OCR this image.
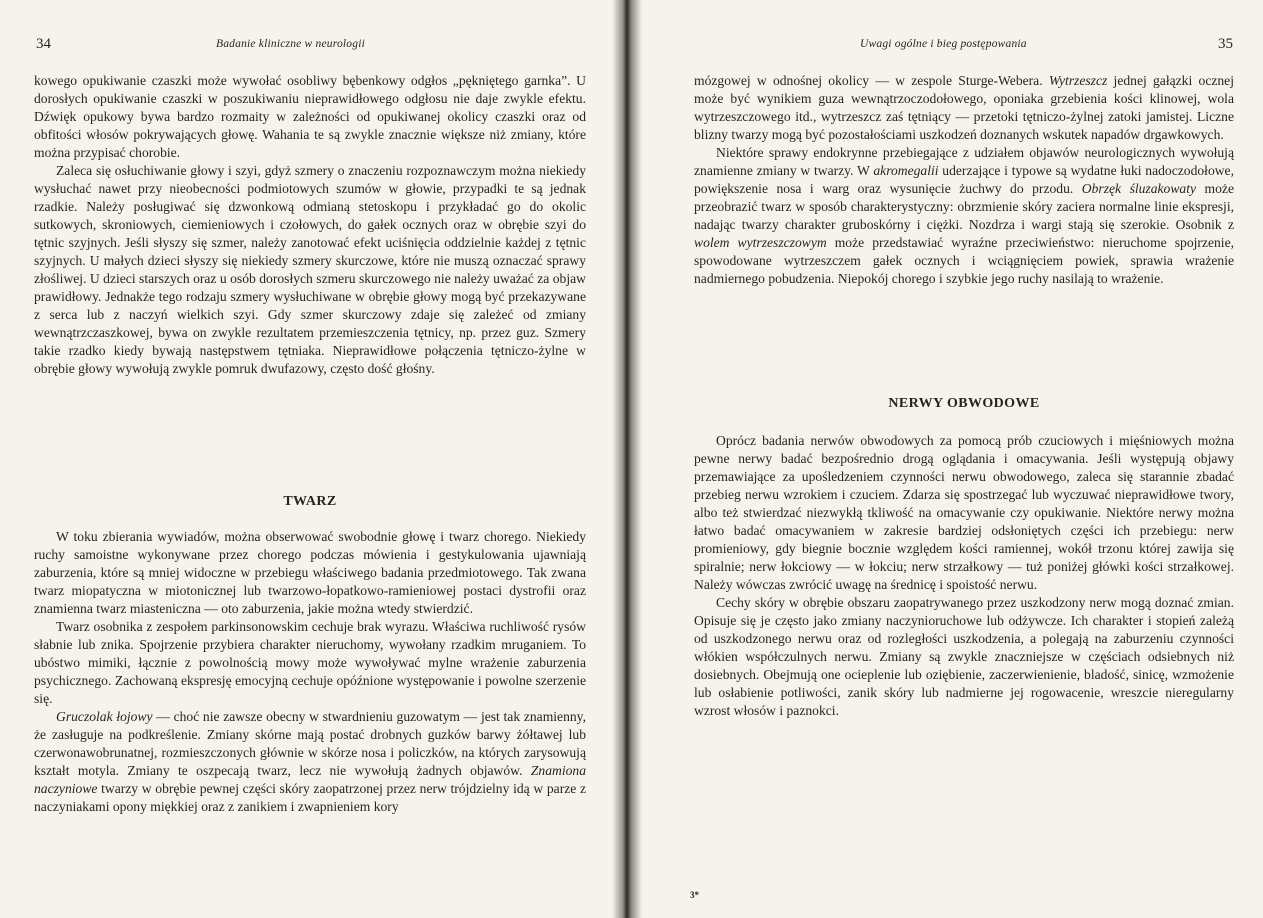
34	Badanie kliniczne w neurologii

kowego opukiwanie czaszki może wywołać osobliwy bębenkowy odgłos „pękniętego garnka”. U dorosłych opukiwanie czaszki w poszukiwaniu nieprawidłowego odgłosu nie daje zwykle efektu. Dźwięk opukowy bywa bardzo rozmaity w zależności od opukiwanej okolicy czaszki oraz od obfitości włosów pokrywających głowę. Wahania te są zwykle znacznie większe niż zmiany, które można przypisać chorobie.

Zaleca się osłuchiwanie głowy i szyi, gdyż szmery o znaczeniu rozpoznawczym można niekiedy wysłuchać nawet przy nieobecności podmiotowych szumów w głowie, przypadki te są jednak rzadkie. Należy posługiwać się dzwonkową odmianą stetoskopu i przykładać go do okolic sutkowych, skroniowych, ciemieniowych i czołowych, do gałek ocznych oraz w obrębie szyi do tętnic szyjnych. Jeśli słyszy się szmer, należy zanotować efekt uciśnięcia oddzielnie każdej z tętnic szyjnych. U małych dzieci słyszy się niekiedy szmery skurczowe, które nie muszą oznaczać sprawy złośliwej. U dzieci starszych oraz u osób dorosłych szmeru skurczowego nie należy uważać za objaw prawidłowy. Jednakże tego rodzaju szmery wysłuchiwane w obrębie głowy mogą być przekazywane z serca lub z naczyń wielkich szyi. Gdy szmer skurczowy zdaje się zależeć od zmiany wewnątrzczaszkowej, bywa on zwykle rezultatem przemieszczenia tętnicy, np. przez guz. Szmery takie rzadko kiedy bywają następstwem tętniaka. Nieprawidłowe połączenia tętniczo-żylne w obrębie głowy wywołują zwykle pomruk dwufazowy, często dość głośny.

TWARZ

W toku zbierania wywiadów, można obserwować swobodnie głowę i twarz chorego. Niekiedy ruchy samoistne wykonywane przez chorego podczas mówienia i gestykulowania ujawniają zaburzenia, które są mniej widoczne w przebiegu właściwego badania przedmiotowego. Tak zwana twarz miopatyczna w miotonicznej lub twarzowo-łopatkowo-ramieniowej postaci dystrofii oraz znamienna twarz miasteniczna — oto zaburzenia, jakie można wtedy stwierdzić.

Twarz osobnika z zespołem parkinsonowskim cechuje brak wyrazu. Właściwa ruchliwość rysów słabnie lub znika. Spojrzenie przybiera charakter nieruchomy, wywołany rzadkim mruganiem. To ubóstwo mimiki, łącznie z powolnością mowy może wywoływać mylne wrażenie zaburzenia psychicznego. Zachowaną ekspresję emocyjną cechuje opóźnione występowanie i powolne szerzenie się.

Gruczolak łojowy — choć nie zawsze obecny w stwardnieniu guzowatym — jest tak znamienny, że zasługuje na podkreślenie. Zmiany skórne mają postać drobnych guzków barwy żółtawej lub czerwonawobrunatnej, rozmieszczonych głównie w skórze nosa i policzków, na których zarysowują kształt motyla. Zmiany te oszpecają twarz, lecz nie wywołują żadnych objawów. Znamiona naczyniowe twarzy w obrębie pewnej części skóry zaopatrzonej przez nerw trójdzielny idą w parze z naczyniakami opony miękkiej oraz z zanikiem i zwapnieniem kory

Uwagi ogólne i bieg postępowania	35

mózgowej w odnośnej okolicy — w zespole Sturge-Webera. Wytrzeszcz jednej gałązki ocznej może być wynikiem guza wewnątrzoczodołowego, oponiaka grzebienia kości klinowej, wola wytrzeszczowego itd., wytrzeszcz zaś tętniący — przetoki tętniczo-żylnej zatoki jamistej. Liczne blizny twarzy mogą być pozostałościami uszkodzeń doznanych wskutek napadów drgawkowych.

Niektóre sprawy endokrynne przebiegające z udziałem objawów neurologicznych wywołują znamienne zmiany w twarzy. W akromegalii uderzające i typowe są wydatne łuki nadoczodołowe, powiększenie nosa i warg oraz wysunięcie żuchwy do przodu. Obrzęk śluzakowaty może przeobrazić twarz w sposób charakterystyczny: obrzmienie skóry zaciera normalne linie ekspresji, nadając twarzy charakter gruboskórny i ciężki. Nozdrza i wargi stają się szerokie. Osobnik z wolem wytrzeszczowym może przedstawiać wyraźne przeciwieństwo: nieruchome spojrzenie, spowodowane wytrzeszczem gałek ocznych i wciągnięciem powiek, sprawia wrażenie nadmiernego pobudzenia. Niepokój chorego i szybkie jego ruchy nasilają to wrażenie.

NERWY OBWODOWE

Oprócz badania nerwów obwodowych za pomocą prób czuciowych i mięśniowych można pewne nerwy badać bezpośrednio drogą oglądania i omacywania. Jeśli występują objawy przemawiające za upośledzeniem czynności nerwu obwodowego, zaleca się starannie zbadać przebieg nerwu wzrokiem i czuciem. Zdarza się spostrzegać lub wyczuwać nieprawidłowe twory, albo też stwierdzać niezwykłą tkliwość na omacywanie czy opukiwanie. Niektóre nerwy można łatwo badać omacywaniem w zakresie bardziej odsłoniętych części ich przebiegu: nerw promieniowy, gdy biegnie bocznie względem kości ramiennej, wokół trzonu której zawija się spiralnie; nerw łokciowy — w łokciu; nerw strzałkowy — tuż poniżej główki kości strzałkowej. Należy wówczas zwrócić uwagę na średnicę i spoistość nerwu.

Cechy skóry w obrębie obszaru zaopatrywanego przez uszkodzony nerw mogą doznać zmian. Opisuje się je często jako zmiany naczynioruchowe lub odżywcze. Ich charakter i stopień zależą od uszkodzonego nerwu oraz od rozległości uszkodzenia, a polegają na zaburzeniu czynności włókien współczulnych nerwu. Zmiany są zwykle znaczniejsze w częściach odsiebnych niż dosiebnych. Obejmują one ocieplenie lub oziębienie, zaczerwienienie, bladość, sinicę, wzmożenie lub osłabienie potliwości, zanik skóry lub nadmierne jej rogowacenie, wreszcie nieregularny wzrost włosów i paznokci.

3*
